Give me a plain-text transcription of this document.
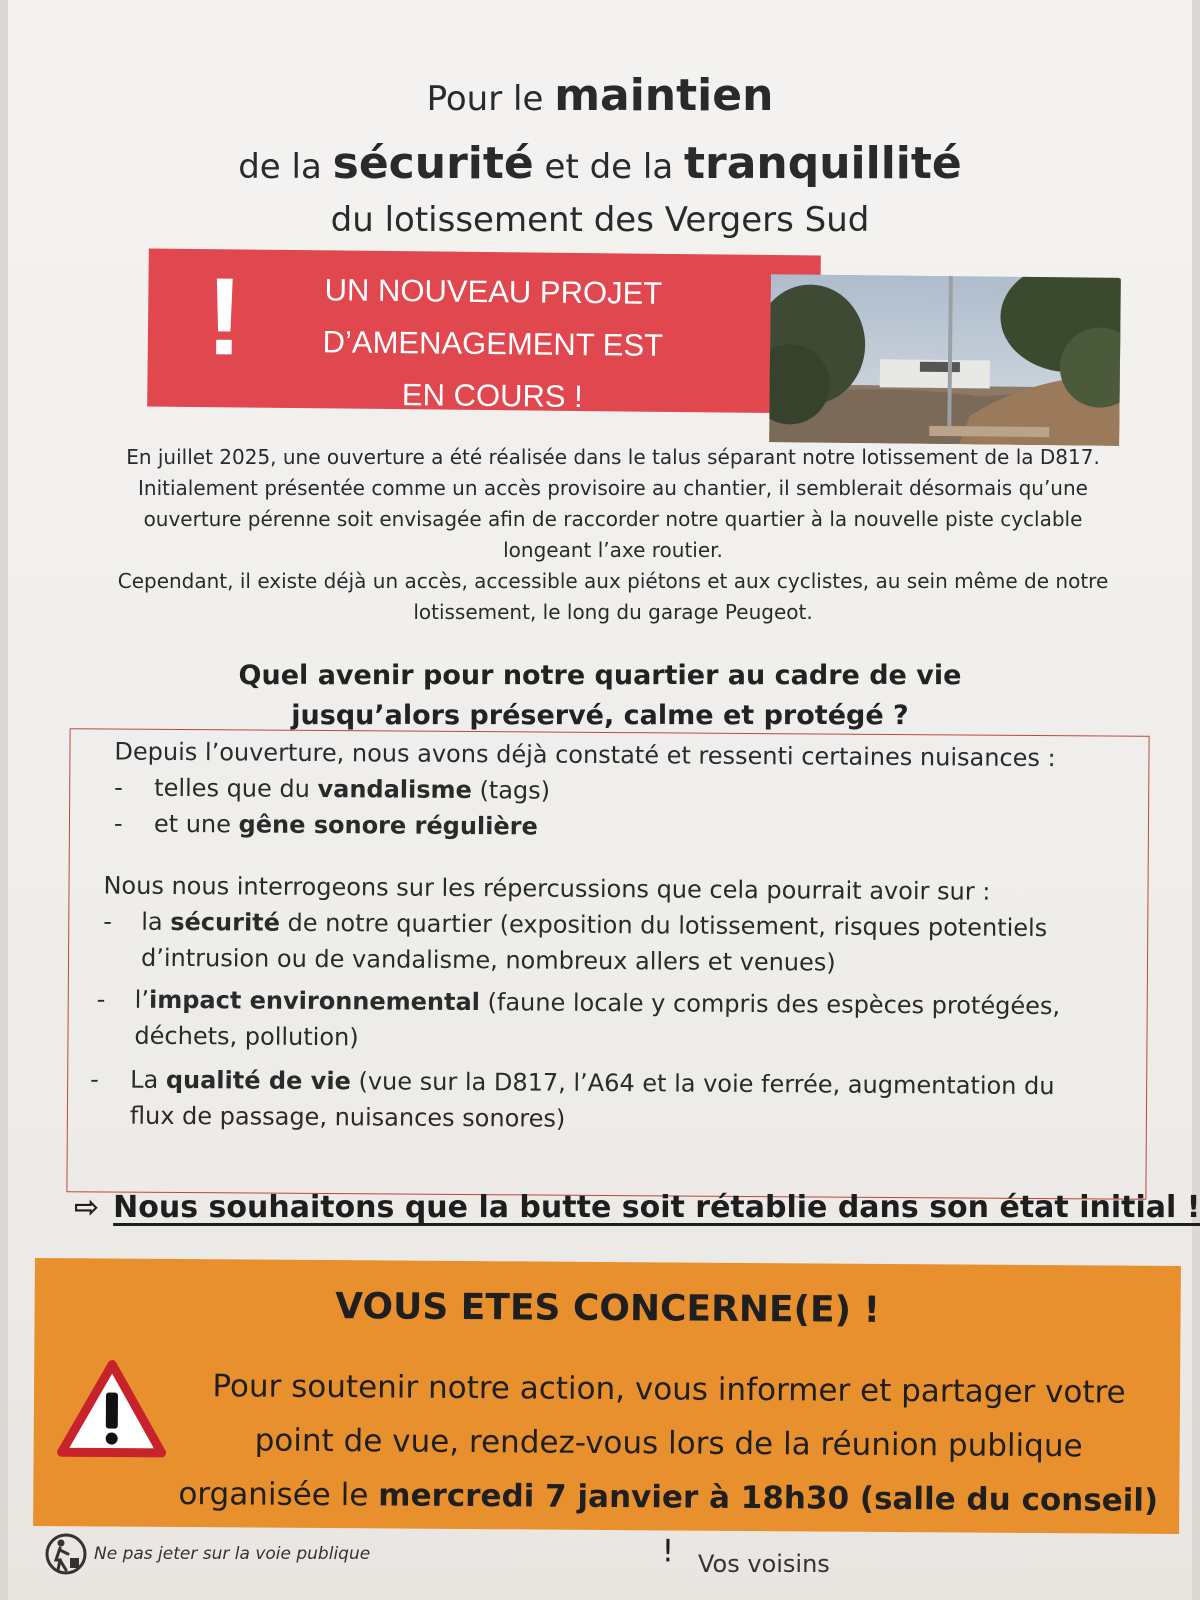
Pour le maintien
de la sécurité et de la tranquillité
du lotissement des Vergers Sud
!	UN NOUVEAU PROJET
D’AMENAGEMENT EST
EN COURS !
En juillet 2025, une ouverture a été réalisée dans le talus séparant notre lotissement de la D817. Initialement présentée comme un accès provisoire au chantier, il semblerait désormais qu’une ouverture pérenne soit envisagée afin de raccorder notre quartier à la nouvelle piste cyclable longeant l’axe routier.
Cependant, il existe déjà un accès, accessible aux piétons et aux cyclistes, au sein même de notre lotissement, le long du garage Peugeot.
Quel avenir pour notre quartier au cadre de vie
jusqu’alors préservé, calme et protégé ?
Depuis l’ouverture, nous avons déjà constaté et ressenti certaines nuisances :
- telles que du vandalisme (tags)
- et une gêne sonore régulière
Nous nous interrogeons sur les répercussions que cela pourrait avoir sur :
- la sécurité de notre quartier (exposition du lotissement, risques potentiels
d’intrusion ou de vandalisme, nombreux allers et venues)
- l’impact environnemental (faune locale y compris des espèces protégées,
déchets, pollution)
- La qualité de vie (vue sur la D817, l’A64 et la voie ferrée, augmentation du
flux de passage, nuisances sonores)
⇨ Nous souhaitons que la butte soit rétablie dans son état initial !
VOUS ETES CONCERNE(E) !
Pour soutenir notre action, vous informer et partager votre
point de vue, rendez-vous lors de la réunion publique
organisée le mercredi 7 janvier à 18h30 (salle du conseil) !
Ne pas jeter sur la voie publique	Vos voisins
